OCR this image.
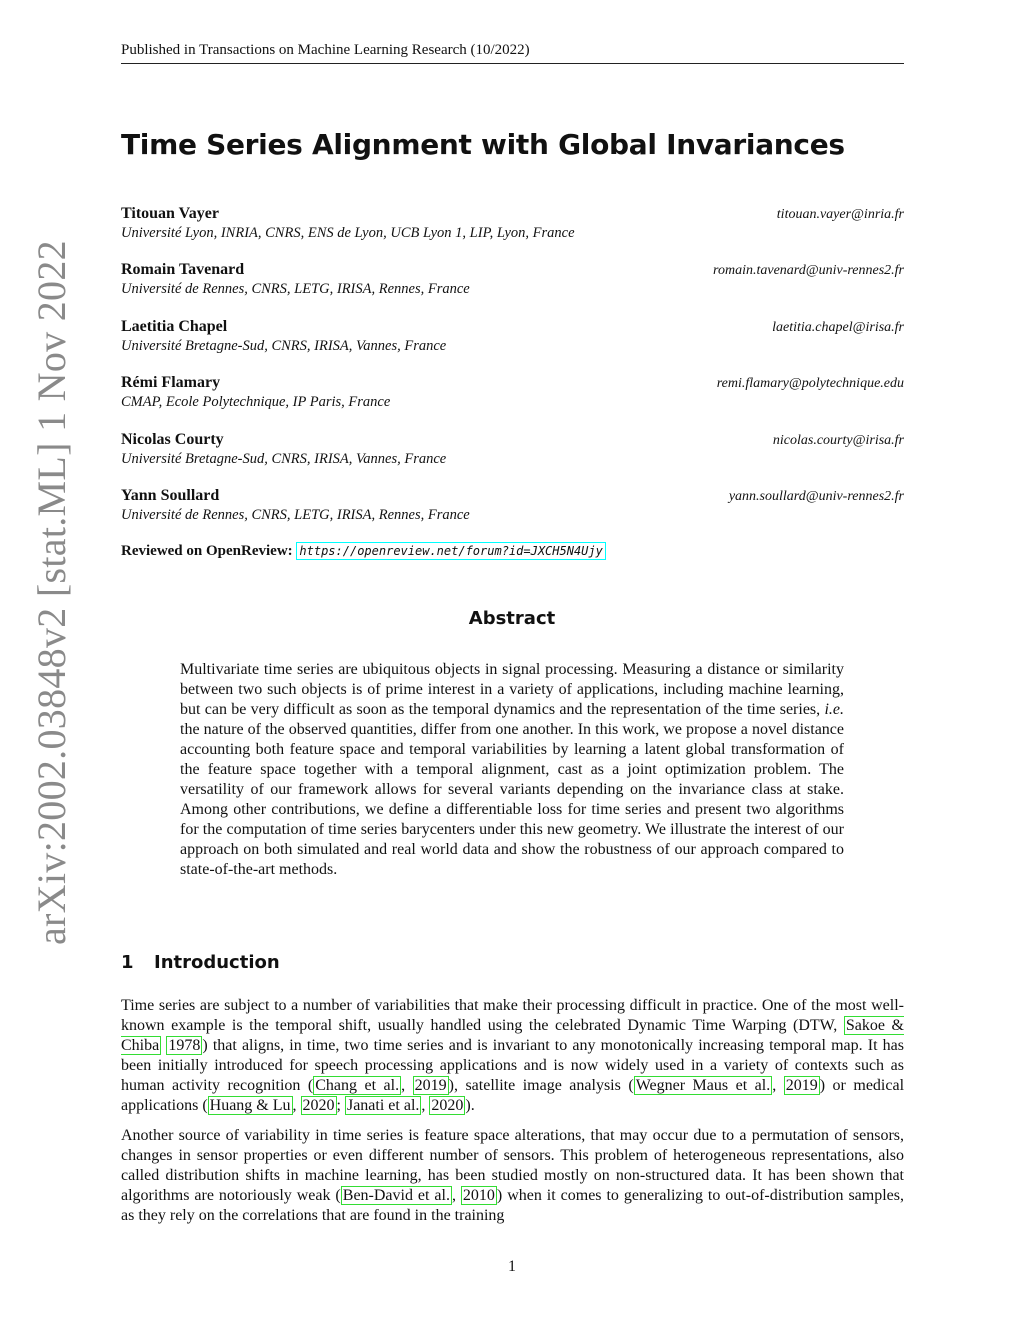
Published in Transactions on Machine Learning Research (10/2022)
arXiv:2002.03848v2 [stat.ML] 1 Nov 2022
Time Series Alignment with Global Invariances
Titouan Vayer	titouan.vayer@inria.fr
Université Lyon, INRIA, CNRS, ENS de Lyon, UCB Lyon 1, LIP, Lyon, France
Romain Tavenard	romain.tavenard@univ-rennes2.fr
Université de Rennes, CNRS, LETG, IRISA, Rennes, France
Laetitia Chapel	laetitia.chapel@irisa.fr
Université Bretagne-Sud, CNRS, IRISA, Vannes, France
Rémi Flamary	remi.flamary@polytechnique.edu
CMAP, Ecole Polytechnique, IP Paris, France
Nicolas Courty	nicolas.courty@irisa.fr
Université Bretagne-Sud, CNRS, IRISA, Vannes, France
Yann Soullard	yann.soullard@univ-rennes2.fr
Université de Rennes, CNRS, LETG, IRISA, Rennes, France
Reviewed on OpenReview: https://openreview.net/forum?id=JXCH5N4Ujy
Abstract

Multivariate time series are ubiquitous objects in signal processing. Measuring a distance or similarity between two such objects is of prime interest in a variety of applications, including machine learning, but can be very difficult as soon as the temporal dynamics and the representation of the time series, i.e. the nature of the observed quantities, differ from one another. In this work, we propose a novel distance accounting both feature space and temporal variabilities by learning a latent global transformation of the feature space together with a temporal alignment, cast as a joint optimization problem. The versatility of our framework allows for several variants depending on the invariance class at stake. Among other contributions, we define a differentiable loss for time series and present two algorithms for the computation of time series barycenters under this new geometry. We illustrate the interest of our approach on both simulated and real world data and show the robustness of our approach compared to state-of-the-art methods.

1 Introduction

Time series are subject to a number of variabilities that make their processing difficult in practice. One of the most well-known example is the temporal shift, usually handled using the celebrated Dynamic Time Warping (DTW, Sakoe & Chiba 1978 ) that aligns, in time, two time series and is invariant to any monotonically increasing temporal map. It has been initially introduced for speech processing applications and is now widely used in a variety of contexts such as human activity recognition ( Chang et al. , 2019 ), satellite image analysis ( Wegner Maus et al. , 2019 ) or medical applications ( Huang & Lu , 2020 ; Janati et al. , 2020 ).

Another source of variability in time series is feature space alterations, that may occur due to a permutation of sensors, changes in sensor properties or even different number of sensors. This problem of heterogeneous representations, also called distribution shifts in machine learning, has been studied mostly on non-structured data. It has been shown that algorithms are notoriously weak ( Ben-David et al. , 2010 ) when it comes to generalizing to out-of-distribution samples, as they rely on the correlations that are found in the training

1
